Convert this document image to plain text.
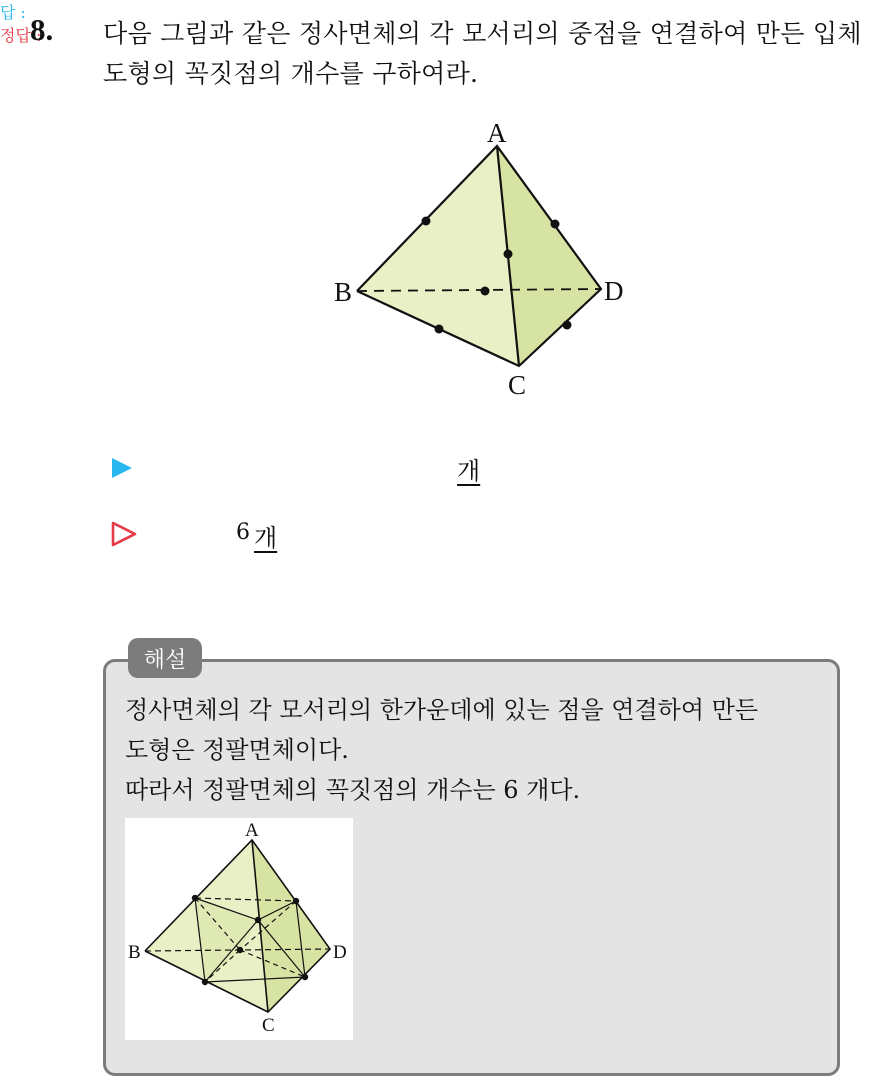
8. 다음 그림과 같은 정사면체의 각 모서리의 중점을 연결하여 만든 입체
도형의 꼭짓점의 개수를 구하여라.
A
B	D
C
답 :
개
정답 :
6 개
해설
정사면체의 각 모서리의 한가운데에 있는 점을 연결하여 만든
도형은 정팔면체이다.
따라서 정팔면체의 꼭짓점의 개수는 6 개다.
A
B	D
C
